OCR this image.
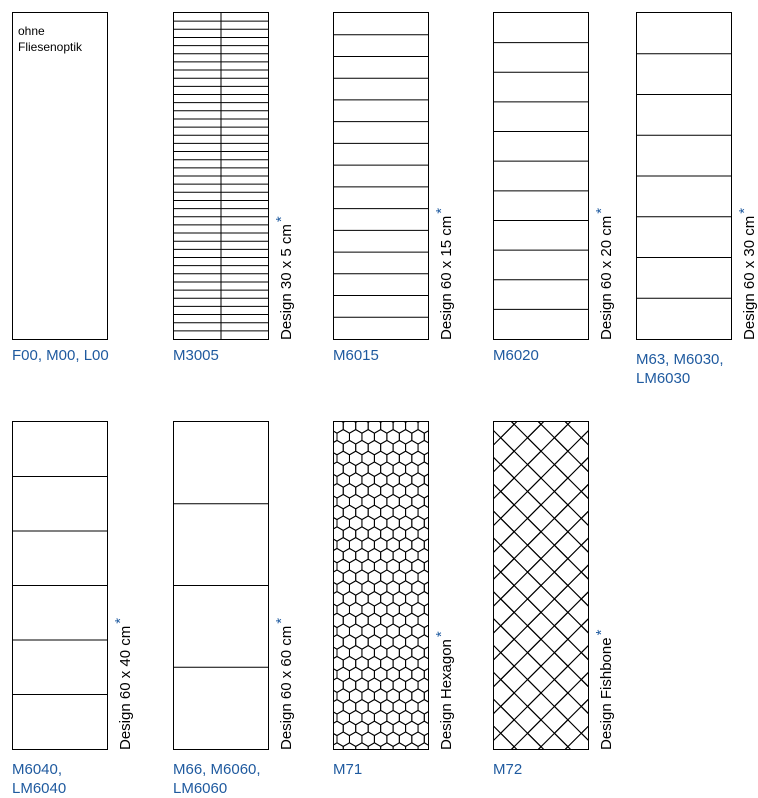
ohne
Fliesenoptik
F00, M00, L00	M3005
Design 30 x 5 cm*
M6015
Design 60 x 15 cm*
M6020
Design 60 x 20 cm*
M63, M6030,
LM6030
Design 60 x 30 cm*
M6040,
LM6040
Design 60 x 40 cm*
M66, M6060,
LM6060
Design 60 x 60 cm*
M71
Design Hexagon*
M72
Design Fishbone*
